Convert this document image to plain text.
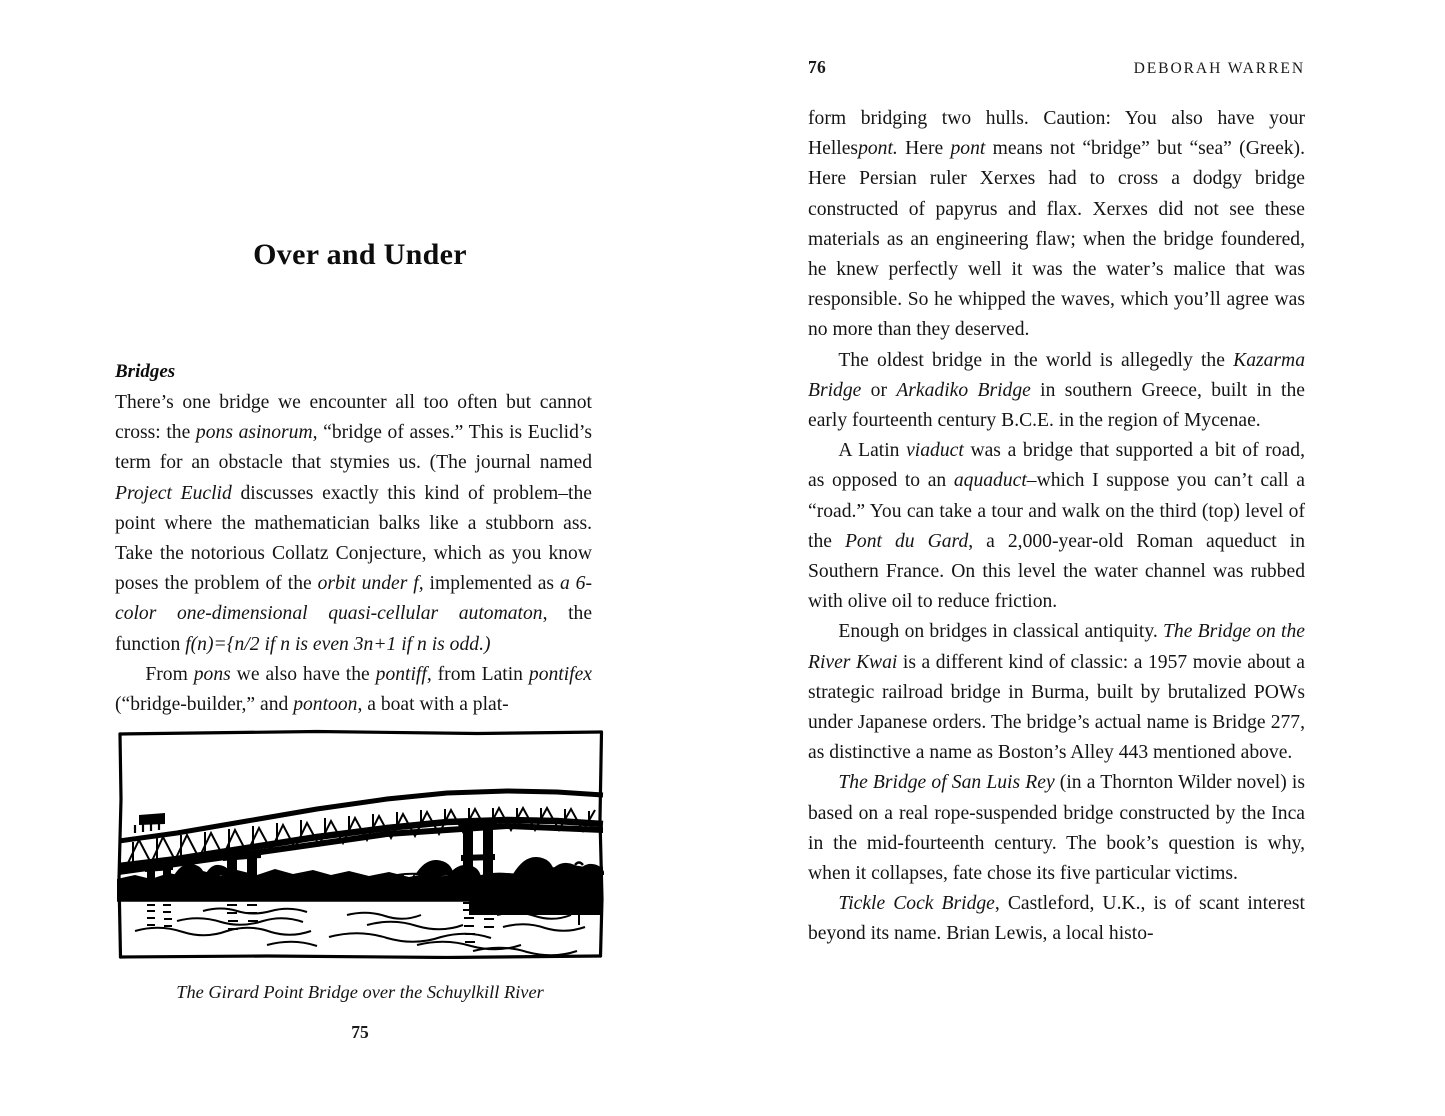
Over and Under
Bridges

There’s one bridge we encounter all too often but cannot cross: the pons asinorum, “bridge of asses.” This is Euclid’s term for an obstacle that stymies us. (The journal named Project Euclid discusses exactly this kind of problem–the point where the mathematician balks like a stubborn ass. Take the notorious Collatz Conjecture, which as you know poses the problem of the orbit under f, implemented as a 6-color one-dimensional quasi-cellular automaton, the function f(n)={n/2 if n is even 3n+1 if n is odd.)

From pons we also have the pontiff, from Latin pontifex (“bridge-builder,” and pontoon, a boat with a plat-

The Girard Point Bridge over the Schuylkill River
75
76	DEBORAH WARREN

form bridging two hulls. Caution: You also have your Hellespont. Here pont means not “bridge” but “sea” (Greek). Here Persian ruler Xerxes had to cross a dodgy bridge constructed of papyrus and flax. Xerxes did not see these materials as an engineering flaw; when the bridge foundered, he knew perfectly well it was the water’s malice that was responsible. So he whipped the waves, which you’ll agree was no more than they deserved.

The oldest bridge in the world is allegedly the Kazarma Bridge or Arkadiko Bridge in southern Greece, built in the early fourteenth century B.C.E. in the region of Mycenae.

A Latin viaduct was a bridge that supported a bit of road, as opposed to an aquaduct–which I suppose you can’t call a “road.” You can take a tour and walk on the third (top) level of the Pont du Gard, a 2,000-year-old Roman aqueduct in Southern France. On this level the water channel was rubbed with olive oil to reduce friction.

Enough on bridges in classical antiquity. The Bridge on the River Kwai is a different kind of classic: a 1957 movie about a strategic railroad bridge in Burma, built by brutalized POWs under Japanese orders. The bridge’s actual name is Bridge 277, as distinctive a name as Boston’s Alley 443 mentioned above.

The Bridge of San Luis Rey (in a Thornton Wilder novel) is based on a real rope-suspended bridge constructed by the Inca in the mid-fourteenth century. The book’s question is why, when it collapses, fate chose its five particular victims.

Tickle Cock Bridge, Castleford, U.K., is of scant interest beyond its name. Brian Lewis, a local histo-
